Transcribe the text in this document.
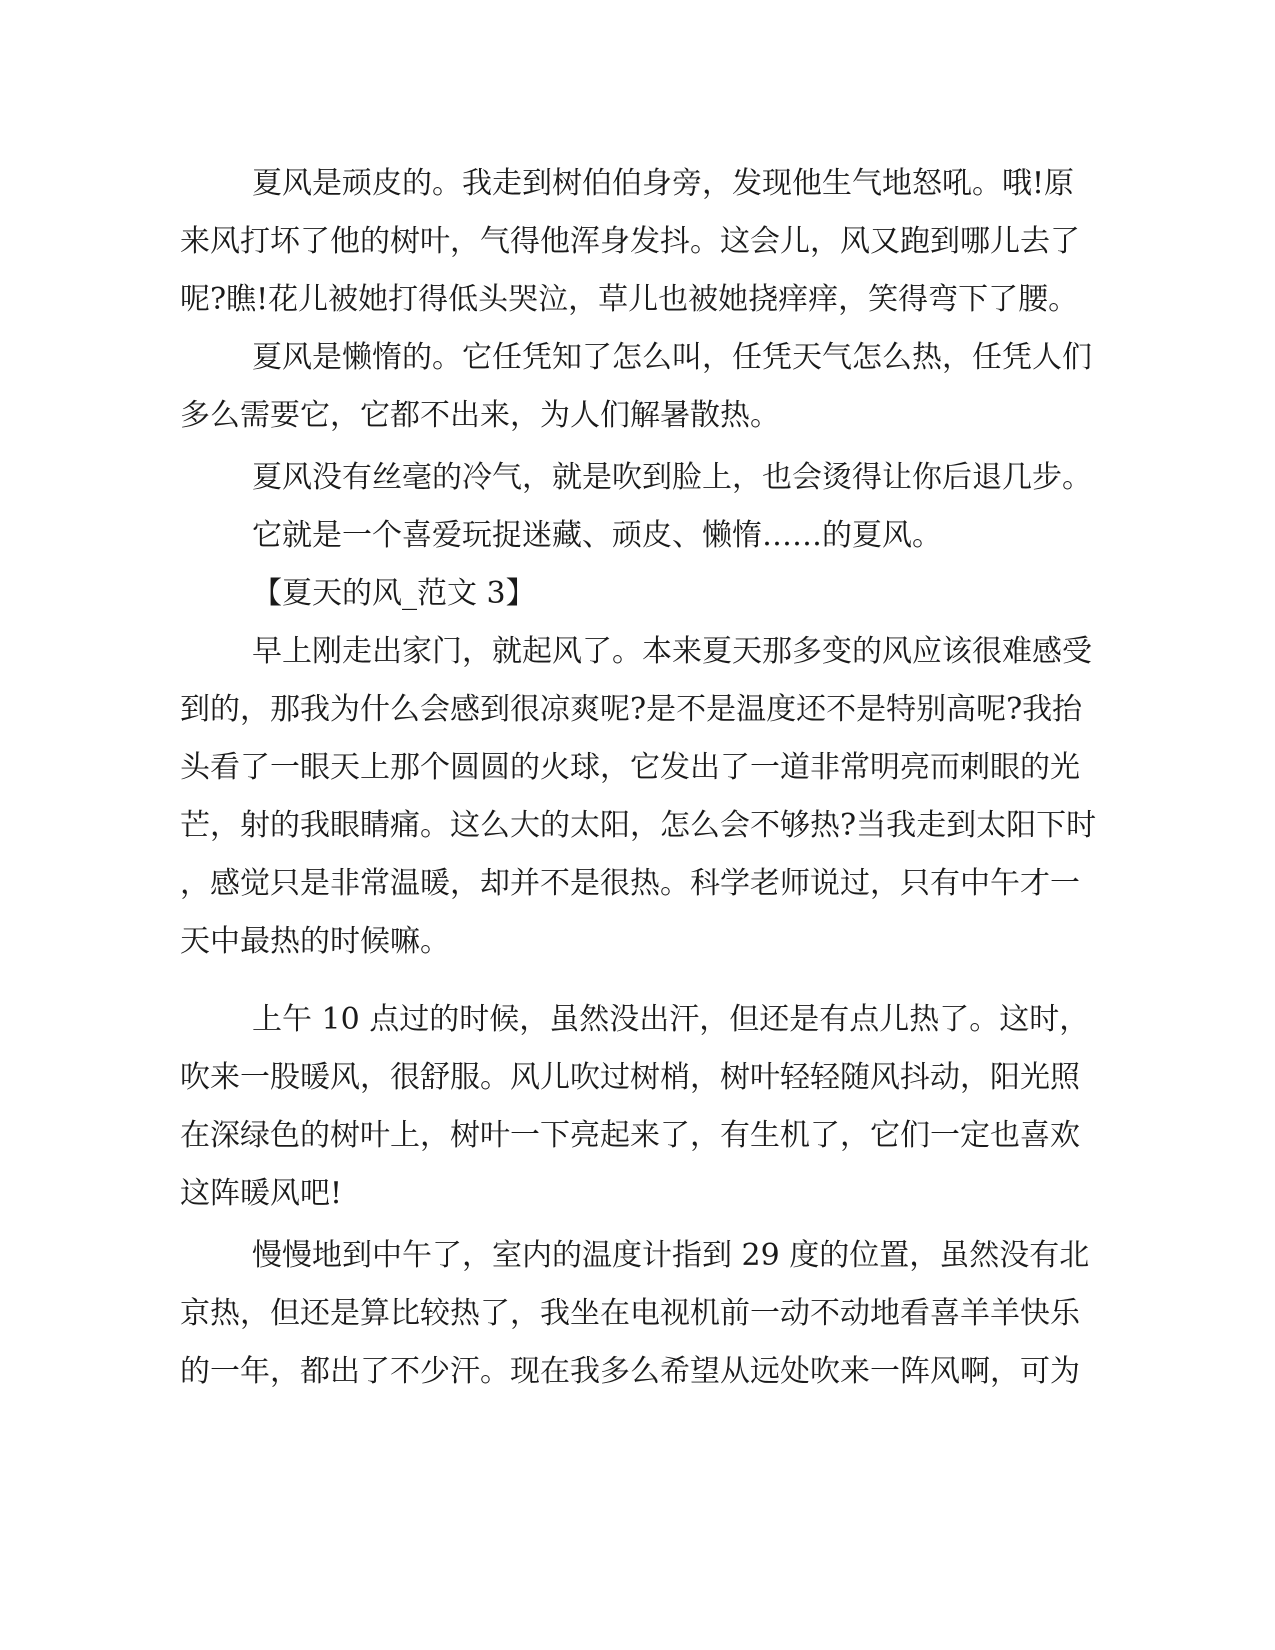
夏风是顽皮的。我走到树伯伯身旁，发现他生气地怒吼。哦!原

来风打坏了他的树叶，气得他浑身发抖。这会儿，风又跑到哪儿去了

呢?瞧!花儿被她打得低头哭泣，草儿也被她挠痒痒，笑得弯下了腰。

夏风是懒惰的。它任凭知了怎么叫，任凭天气怎么热，任凭人们

多么需要它，它都不出来，为人们解暑散热。

夏风没有丝毫的冷气，就是吹到脸上，也会烫得让你后退几步。

它就是一个喜爱玩捉迷藏、顽皮、懒惰……的夏风。

【夏天的风_范文 3】

早上刚走出家门，就起风了。本来夏天那多变的风应该很难感受

到的，那我为什么会感到很凉爽呢?是不是温度还不是特别高呢?我抬

头看了一眼天上那个圆圆的火球，它发出了一道非常明亮而刺眼的光

芒，射的我眼睛痛。这么大的太阳，怎么会不够热?当我走到太阳下时

，感觉只是非常温暖，却并不是很热。科学老师说过，只有中午才一

天中最热的时候嘛。

上午 10 点过的时候，虽然没出汗，但还是有点儿热了。这时，

吹来一股暖风，很舒服。风儿吹过树梢，树叶轻轻随风抖动，阳光照

在深绿色的树叶上，树叶一下亮起来了，有生机了，它们一定也喜欢

这阵暖风吧!

慢慢地到中午了，室内的温度计指到 29 度的位置，虽然没有北

京热，但还是算比较热了，我坐在电视机前一动不动地看喜羊羊快乐

的一年，都出了不少汗。现在我多么希望从远处吹来一阵风啊，可为
